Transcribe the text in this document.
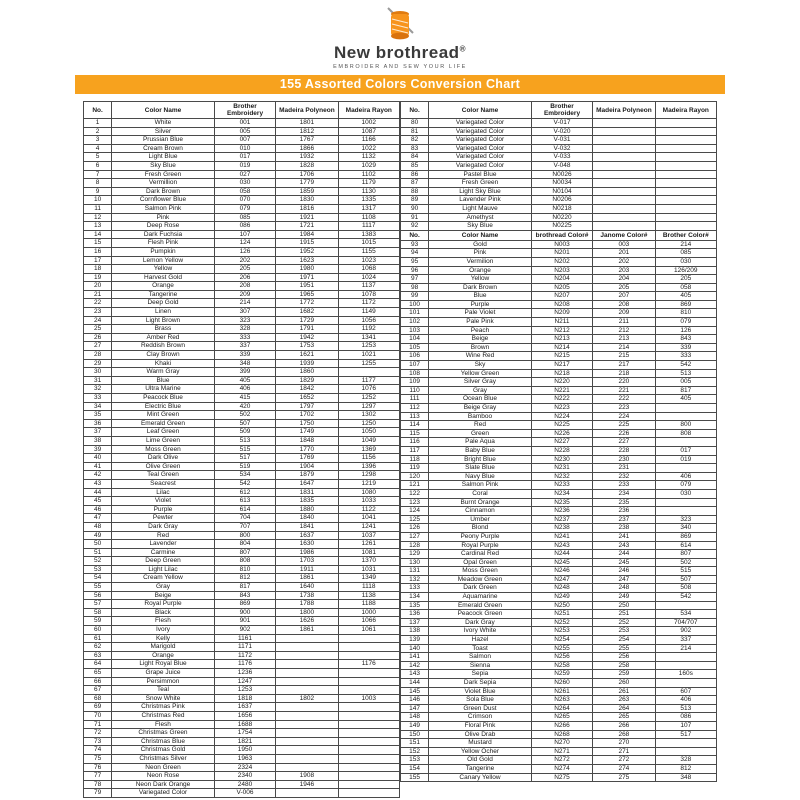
New brothread®
EMBROIDER AND SEW YOUR LIFE
155 Assorted Colors Conversion Chart
No.	Color Name	Brother Embroidery	Madeira Polyneon	Madeira Rayon
1	White	001	1801	1002
2	Silver	005	1812	1087
3	Prussian Blue	007	1767	1166
4	Cream Brown	010	1866	1022
5	Light Blue	017	1932	1132
6	Sky Blue	019	1828	1029
7	Fresh Green	027	1706	1102
8	Vermillion	030	1779	1179
9	Dark Brown	058	1859	1130
10	Cornflower Blue	070	1830	1335
11	Salmon Pink	079	1816	1317
12	Pink	085	1921	1108
13	Deep Rose	086	1721	1117
14	Dark Fuchsia	107	1984	1383
15	Flesh Pink	124	1915	1015
16	Pumpkin	126	1952	1155
17	Lemon Yellow	202	1623	1023
18	Yellow	205	1980	1068
19	Harvest Gold	206	1971	1024
20	Orange	208	1951	1137
21	Tangerine	209	1965	1078
22	Deep Gold	214	1772	1172
23	Linen	307	1682	1149
24	Light Brown	323	1729	1056
25	Brass	328	1791	1192
26	Amber Red	333	1942	1341
27	Reddish Brown	337	1753	1253
28	Clay Brown	339	1621	1021
29	Khaki	348	1939	1255
30	Warm Gray	399	1860	
31	Blue	405	1829	1177
32	Ultra Marine	406	1842	1076
33	Peacock Blue	415	1652	1252
34	Electric Blue	420	1797	1297
35	Mint Green	502	1702	1302
36	Emerald Green	507	1750	1250
37	Leaf Green	509	1749	1050
38	Lime Green	513	1848	1049
39	Moss Green	515	1770	1369
40	Dark Olive	517	1769	1156
41	Olive Green	519	1904	1396
42	Teal Green	534	1879	1298
43	Seacrest	542	1647	1219
44	Lilac	612	1831	1080
45	Violet	613	1835	1033
46	Purple	614	1880	1122
47	Pewter	704	1840	1041
48	Dark Gray	707	1841	1241
49	Red	800	1637	1037
50	Lavender	804	1630	1261
51	Carmine	807	1986	1081
52	Deep Green	808	1703	1370
53	Light Lilac	810	1911	1031
54	Cream Yellow	812	1861	1349
55	Gray	817	1640	1118
56	Beige	843	1738	1138
57	Royal Purple	869	1788	1188
58	Black	900	1800	1000
59	Flesh	901	1626	1066
60	Ivory	902	1861	1061
61	Kelly	1161		
62	Marigold	1171		
63	Orange	1172		
64	Light Royal Blue	1176		1176
65	Grape Juice	1236		
66	Persimmon	1247		
67	Teal	1253		
68	Snow White	1818	1802	1003
69	Christmas Pink	1637		
70	Christmas Red	1656		
71	Flesh	1688		
72	Christmas Green	1754		
73	Christmas Blue	1821		
74	Christmas Gold	1950		
75	Christmas Silver	1963		
76	Neon Green	2324		
77	Neon Rose	2340	1908	
78	Neon Dark Orange	2480	1946	
79	Variegated Color	V-006		
No.	Color Name	Brother Embroidery	Madeira Polyneon	Madeira Rayon
80	Variegated Color	V-017		
81	Variegated Color	V-020		
82	Variegated Color	V-031		
83	Variegated Color	V-032		
84	Variegated Color	V-033		
85	Variegated Color	V-048		
86	Pastel Blue	N0026		
87	Fresh Green	N0034		
88	Light Sky Blue	N0104		
89	Lavender Pink	N0206		
90	Light Mauve	N0218		
91	Amethyst	N0220		
92	Sky Blue	N0225		
No.	Color Name	brothread Color#	Janome Color#	Brother Color#
93	Gold	N003	003	214
94	Pink	N201	201	085
95	Vermilion	N202	202	030
96	Orange	N203	203	126/209
97	Yellow	N204	204	205
98	Dark Brown	N205	205	058
99	Blue	N207	207	405
100	Purple	N208	208	869
101	Pale Violet	N209	209	810
102	Pale Pink	N211	211	079
103	Peach	N212	212	126
104	Beige	N213	213	843
105	Brown	N214	214	339
106	Wine Red	N215	215	333
107	Sky	N217	217	542
108	Yellow Green	N218	218	513
109	Silver Gray	N220	220	005
110	Gray	N221	221	817
111	Ocean Blue	N222	222	405
112	Beige Gray	N223	223	
113	Bamboo	N224	224	
114	Red	N225	225	800
115	Green	N226	226	808
116	Pale Aqua	N227	227	
117	Baby Blue	N228	228	017
118	Bright Blue	N230	230	019
119	Slate Blue	N231	231	
120	Navy Blue	N232	232	406
121	Salmon Pink	N233	233	079
122	Coral	N234	234	030
123	Burnt Orange	N235	235	
124	Cinnamon	N236	236	
125	Umber	N237	237	323
126	Blond	N238	238	340
127	Peony Purple	N241	241	869
128	Royal Purple	N243	243	614
129	Cardinal Red	N244	244	807
130	Opal Green	N245	245	502
131	Moss Green	N246	246	515
132	Meadow Green	N247	247	507
133	Dark Green	N248	248	508
134	Aquamarine	N249	249	542
135	Emerald Green	N250	250	
136	Peacock Green	N251	251	534
137	Dark Gray	N252	252	704/707
138	Ivory White	N253	253	902
139	Hazel	N254	254	337
140	Toast	N255	255	214
141	Salmon	N256	256	
142	Sienna	N258	258	
143	Sepia	N259	259	160s
144	Dark Sepia	N260	260	
145	Violet Blue	N261	261	607
146	Sola Blue	N263	263	406
147	Green Dust	N264	264	513
148	Crimson	N265	265	086
149	Floral Pink	N266	266	107
150	Olive Drab	N268	268	517
151	Mustard	N270	270	
152	Yellow Ocher	N271	271	
153	Old Gold	N272	272	328
154	Tangerine	N274	274	812
155	Canary Yellow	N275	275	348
